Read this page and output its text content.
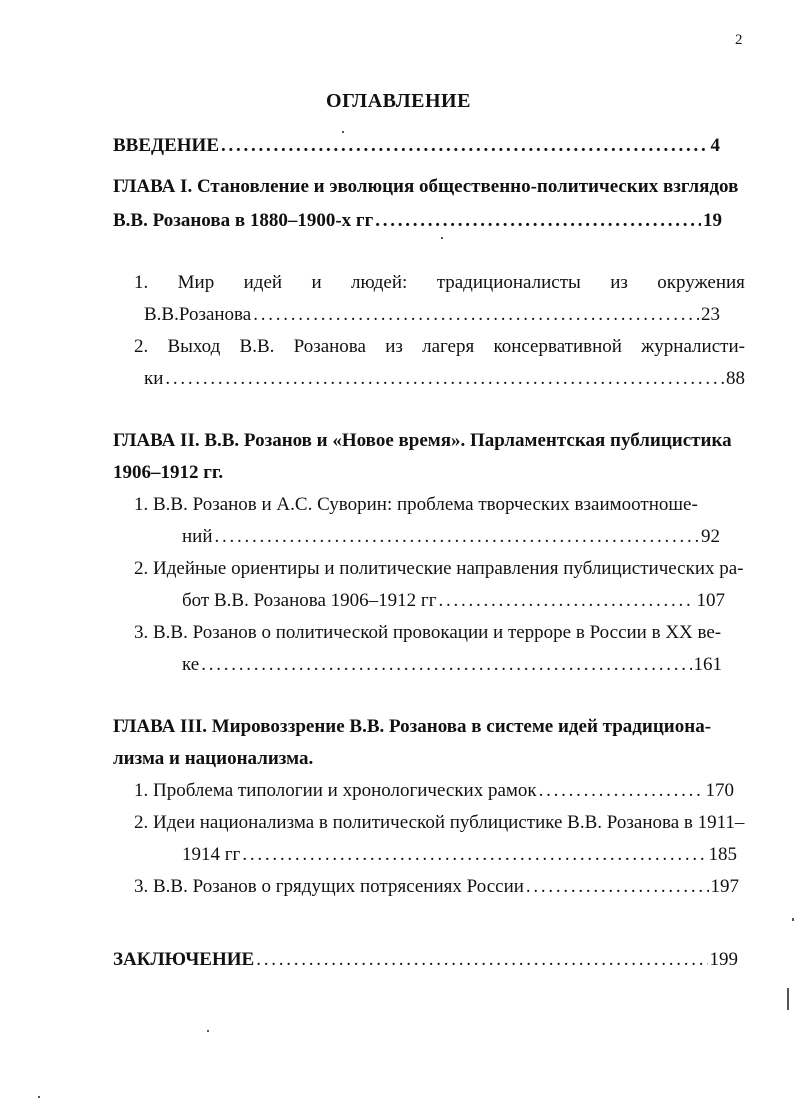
2
ОГЛАВЛЕНИЕ
ВВЕДЕНИЕ . . .	4
ГЛАВА I. Становление и эволюция общественно-политических взглядов
В.В. Розанова в 1880–1900-х гг . . .	19
1. Мир идей и людей: традиционалисты из окружения
В.В.Розанова . . .	23
2. Выход В.В. Розанова из лагеря консервативной журналисти-
ки . . .	88
ГЛАВА II. В.В. Розанов и «Новое время». Парламентская публицистика
1906–1912 гг.
1. В.В. Розанов и А.С. Суворин: проблема творческих взаимоотноше-
ний . . .	92
2. Идейные ориентиры и политические направления публицистических ра-
бот В.В. Розанова 1906–1912 гг . . .	107
3. В.В. Розанов о политической провокации и терроре в России в ХХ ве-
ке . . .	161
ГЛАВА III. Мировоззрение В.В. Розанова в системе идей традициона-
лизма и национализма.
1. Проблема типологии и хронологических рамок . . .	170
2. Идеи национализма в политической публицистике В.В. Розанова в 1911–
1914 гг . . .	185
3. В.В. Розанов о грядущих потрясениях России . . .	197
ЗАКЛЮЧЕНИЕ . . .	199
